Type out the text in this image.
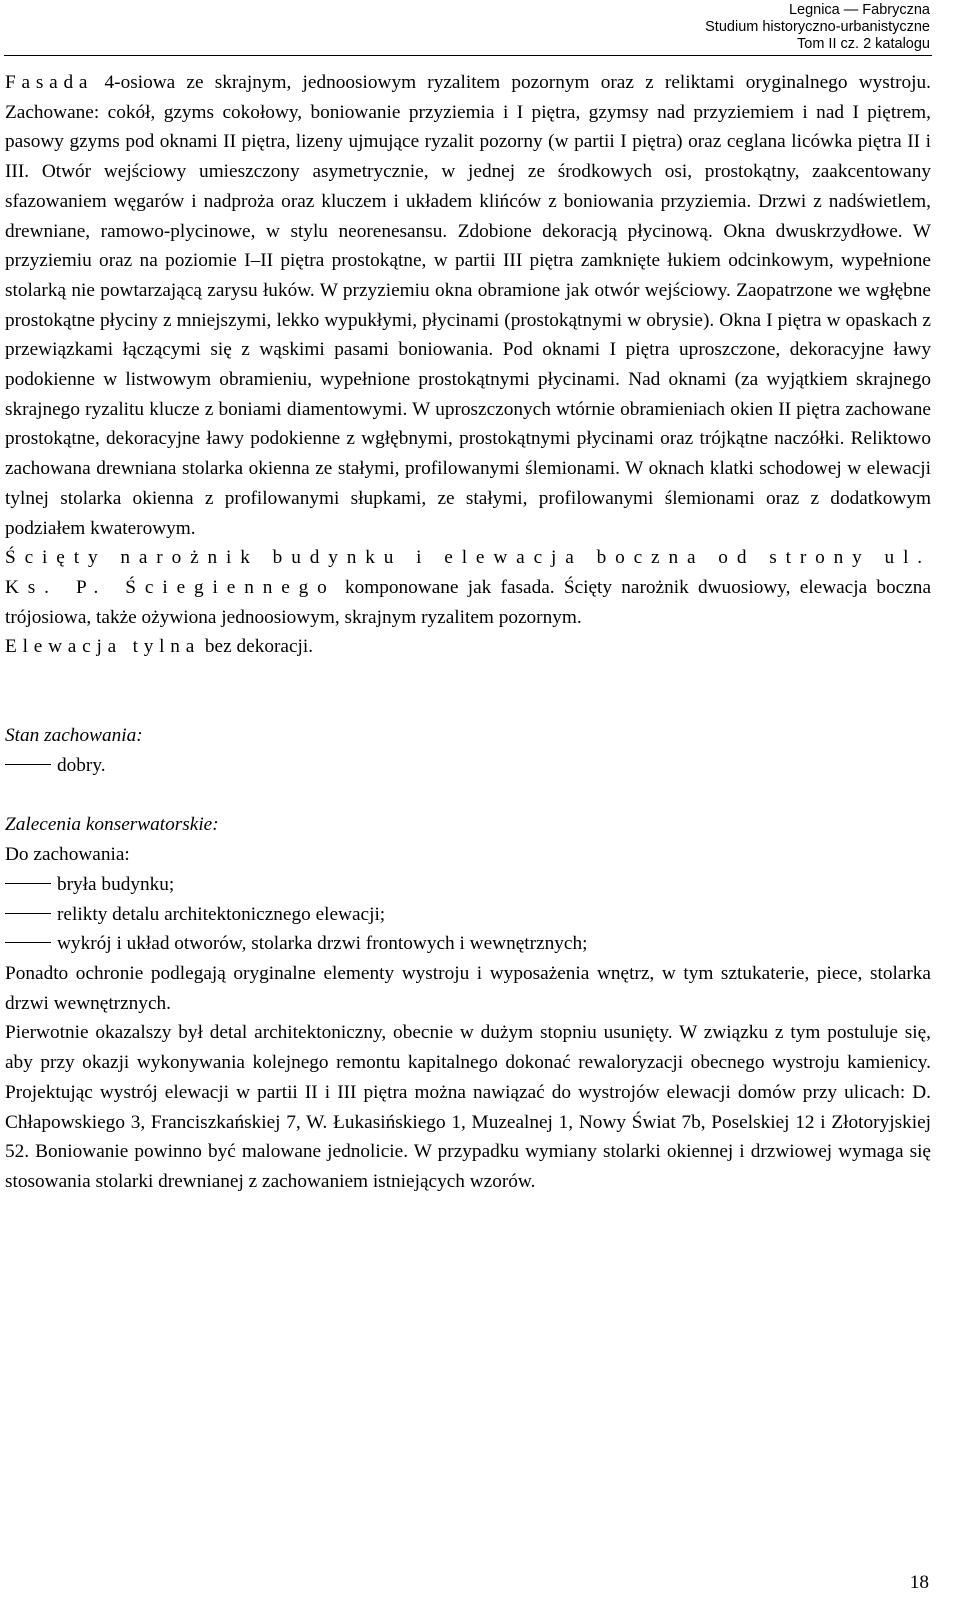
Legnica — Fabryczna
Studium historyczno-urbanistyczne
Tom II cz. 2 katalogu

Fasada 4-osiowa ze skrajnym, jednoosiowym ryzalitem pozornym oraz z reliktami oryginalnego wystroju. Zachowane: cokół, gzyms cokołowy, boniowanie przyziemia i I piętra, gzymsy nad przyziemiem i nad I piętrem, pasowy gzyms pod oknami II piętra, lizeny ujmujące ryzalit pozorny (w partii I piętra) oraz ceglana licówka piętra II i III. Otwór wejściowy umieszczony asymetrycznie, w jednej ze środkowych osi, prostokątny, zaakcentowany sfazowaniem węgarów i nadproża oraz kluczem i układem klińców z boniowania przyziemia. Drzwi z nadświetlem, drewniane, ramowo-plycinowe, w stylu neorenesansu. Zdobione dekoracją płycinową. Okna dwuskrzydłowe. W przyziemiu oraz na poziomie I–II piętra prostokątne, w partii III piętra zamknięte łukiem odcinkowym, wypełnione stolarką nie powtarzającą zarysu łuków. W przyziemiu okna obramione jak otwór wejściowy. Zaopatrzone we wgłębne prostokątne płyciny z mniejszymi, lekko wypukłymi, płycinami (prostokątnymi w obrysie). Okna I piętra w opaskach z przewiązkami łączącymi się z wąskimi pasami boniowania. Pod oknami I piętra uproszczone, dekoracyjne ławy podokienne w listwowym obramieniu, wypełnione prostokątnymi płycinami. Nad oknami (za wyjątkiem skrajnego skrajnego ryzalitu klucze z boniami diamentowymi. W uproszczonych wtórnie obramieniach okien II piętra zachowane prostokątne, dekoracyjne ławy podokienne z wgłębnymi, prostokątnymi płycinami oraz trójkątne naczółki. Reliktowo zachowana drewniana stolarka okienna ze stałymi, profilowanymi ślemionami. W oknach klatki schodowej w elewacji tylnej stolarka okienna z profilowanymi słupkami, ze stałymi, profilowanymi ślemionami oraz z dodatkowym podziałem kwaterowym.

Ścięty narożnik budynku i elewacja boczna od strony ul. Ks. P. Ściegiennego komponowane jak fasada. Ścięty narożnik dwuosiowy, elewacja boczna trójosiowa, także ożywiona jednoosiowym, skrajnym ryzalitem pozornym.

Elewacja tylna bez dekoracji.

Stan zachowania:

dobry.

Zalecenia konserwatorskie:

Do zachowania:

bryła budynku;

relikty detalu architektonicznego elewacji;

wykrój i układ otworów, stolarka drzwi frontowych i wewnętrznych;

Ponadto ochronie podlegają oryginalne elementy wystroju i wyposażenia wnętrz, w tym sztukaterie, piece, stolarka drzwi wewnętrznych.

Pierwotnie okazalszy był detal architektoniczny, obecnie w dużym stopniu usunięty. W związku z tym postuluje się, aby przy okazji wykonywania kolejnego remontu kapitalnego dokonać rewaloryzacji obecnego wystroju kamienicy. Projektując wystrój elewacji w partii II i III piętra można nawiązać do wystrojów elewacji domów przy ulicach: D. Chłapowskiego 3, Franciszkańskiej 7, W. Łukasińskiego 1, Muzealnej 1, Nowy Świat 7b, Poselskiej 12 i Złotoryjskiej 52. Boniowanie powinno być malowane jednolicie. W przypadku wymiany stolarki okiennej i drzwiowej wymaga się stosowania stolarki drewnianej z zachowaniem istniejących wzorów.

18
